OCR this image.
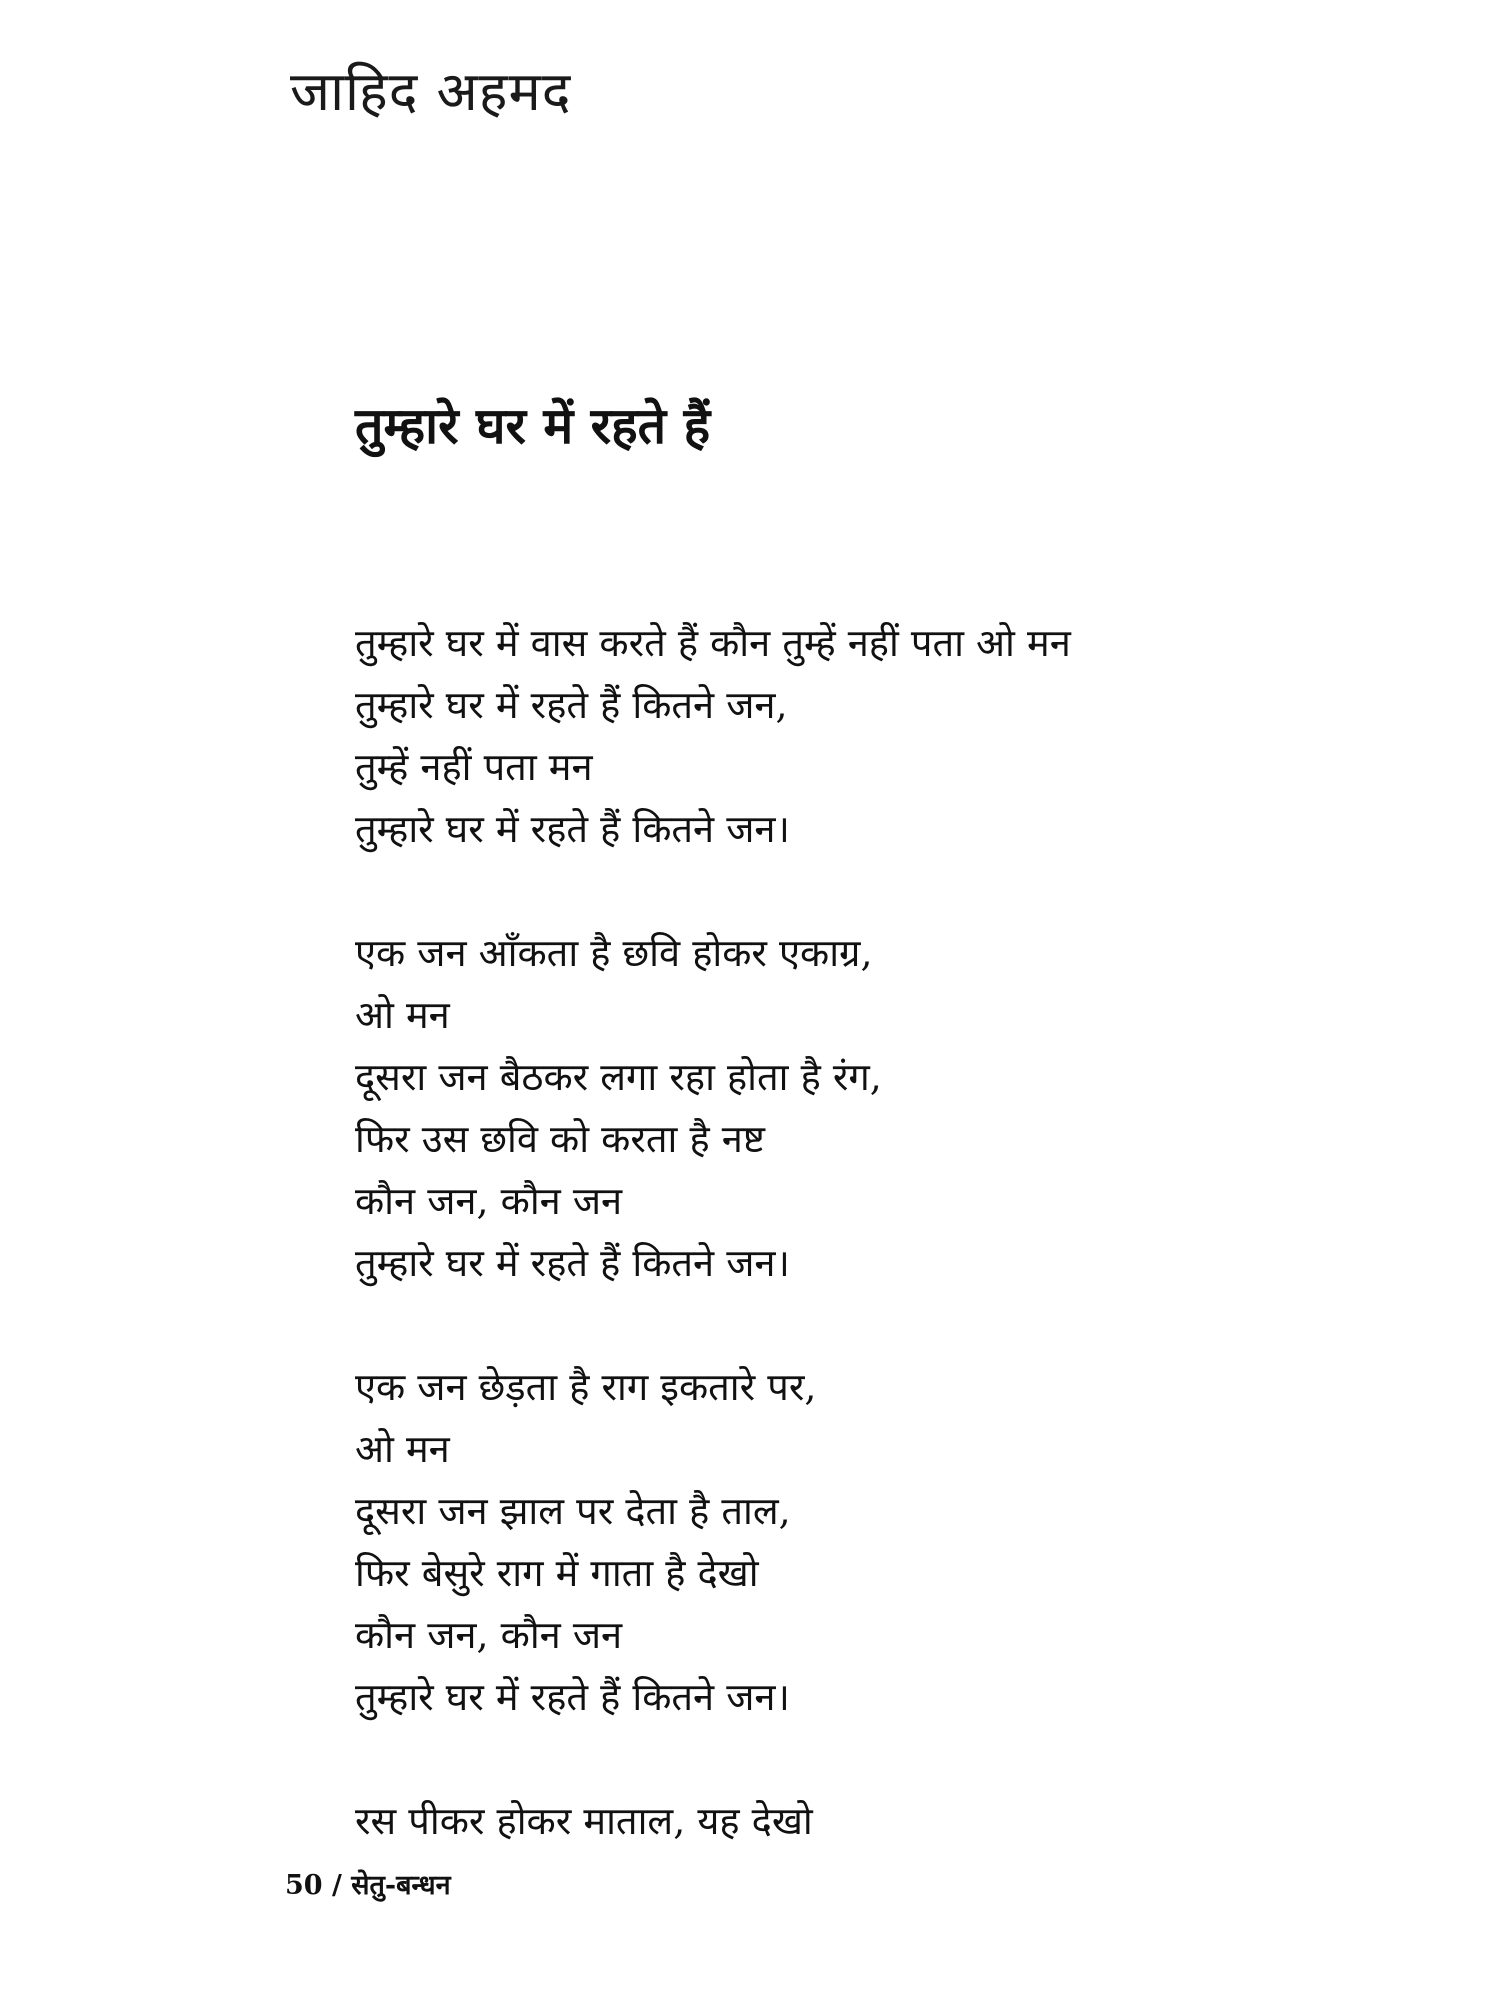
जाहिद अहमद
तुम्हारे घर में रहते हैं
तुम्हारे घर में वास करते हैं कौन तुम्हें नहीं पता ओ मन
तुम्हारे घर में रहते हैं कितने जन,
तुम्हें नहीं पता मन
तुम्हारे घर में रहते हैं कितने जन।
एक जन आँकता है छवि होकर एकाग्र,
ओ मन
दूसरा जन बैठकर लगा रहा होता है रंग,
फिर उस छवि को करता है नष्ट
कौन जन, कौन जन
तुम्हारे घर में रहते हैं कितने जन।
एक जन छेड़ता है राग इकतारे पर,
ओ मन
दूसरा जन झाल पर देता है ताल,
फिर बेसुरे राग में गाता है देखो
कौन जन, कौन जन
तुम्हारे घर में रहते हैं कितने जन।
रस पीकर होकर माताल, यह देखो
50 / सेतु-बन्धन
